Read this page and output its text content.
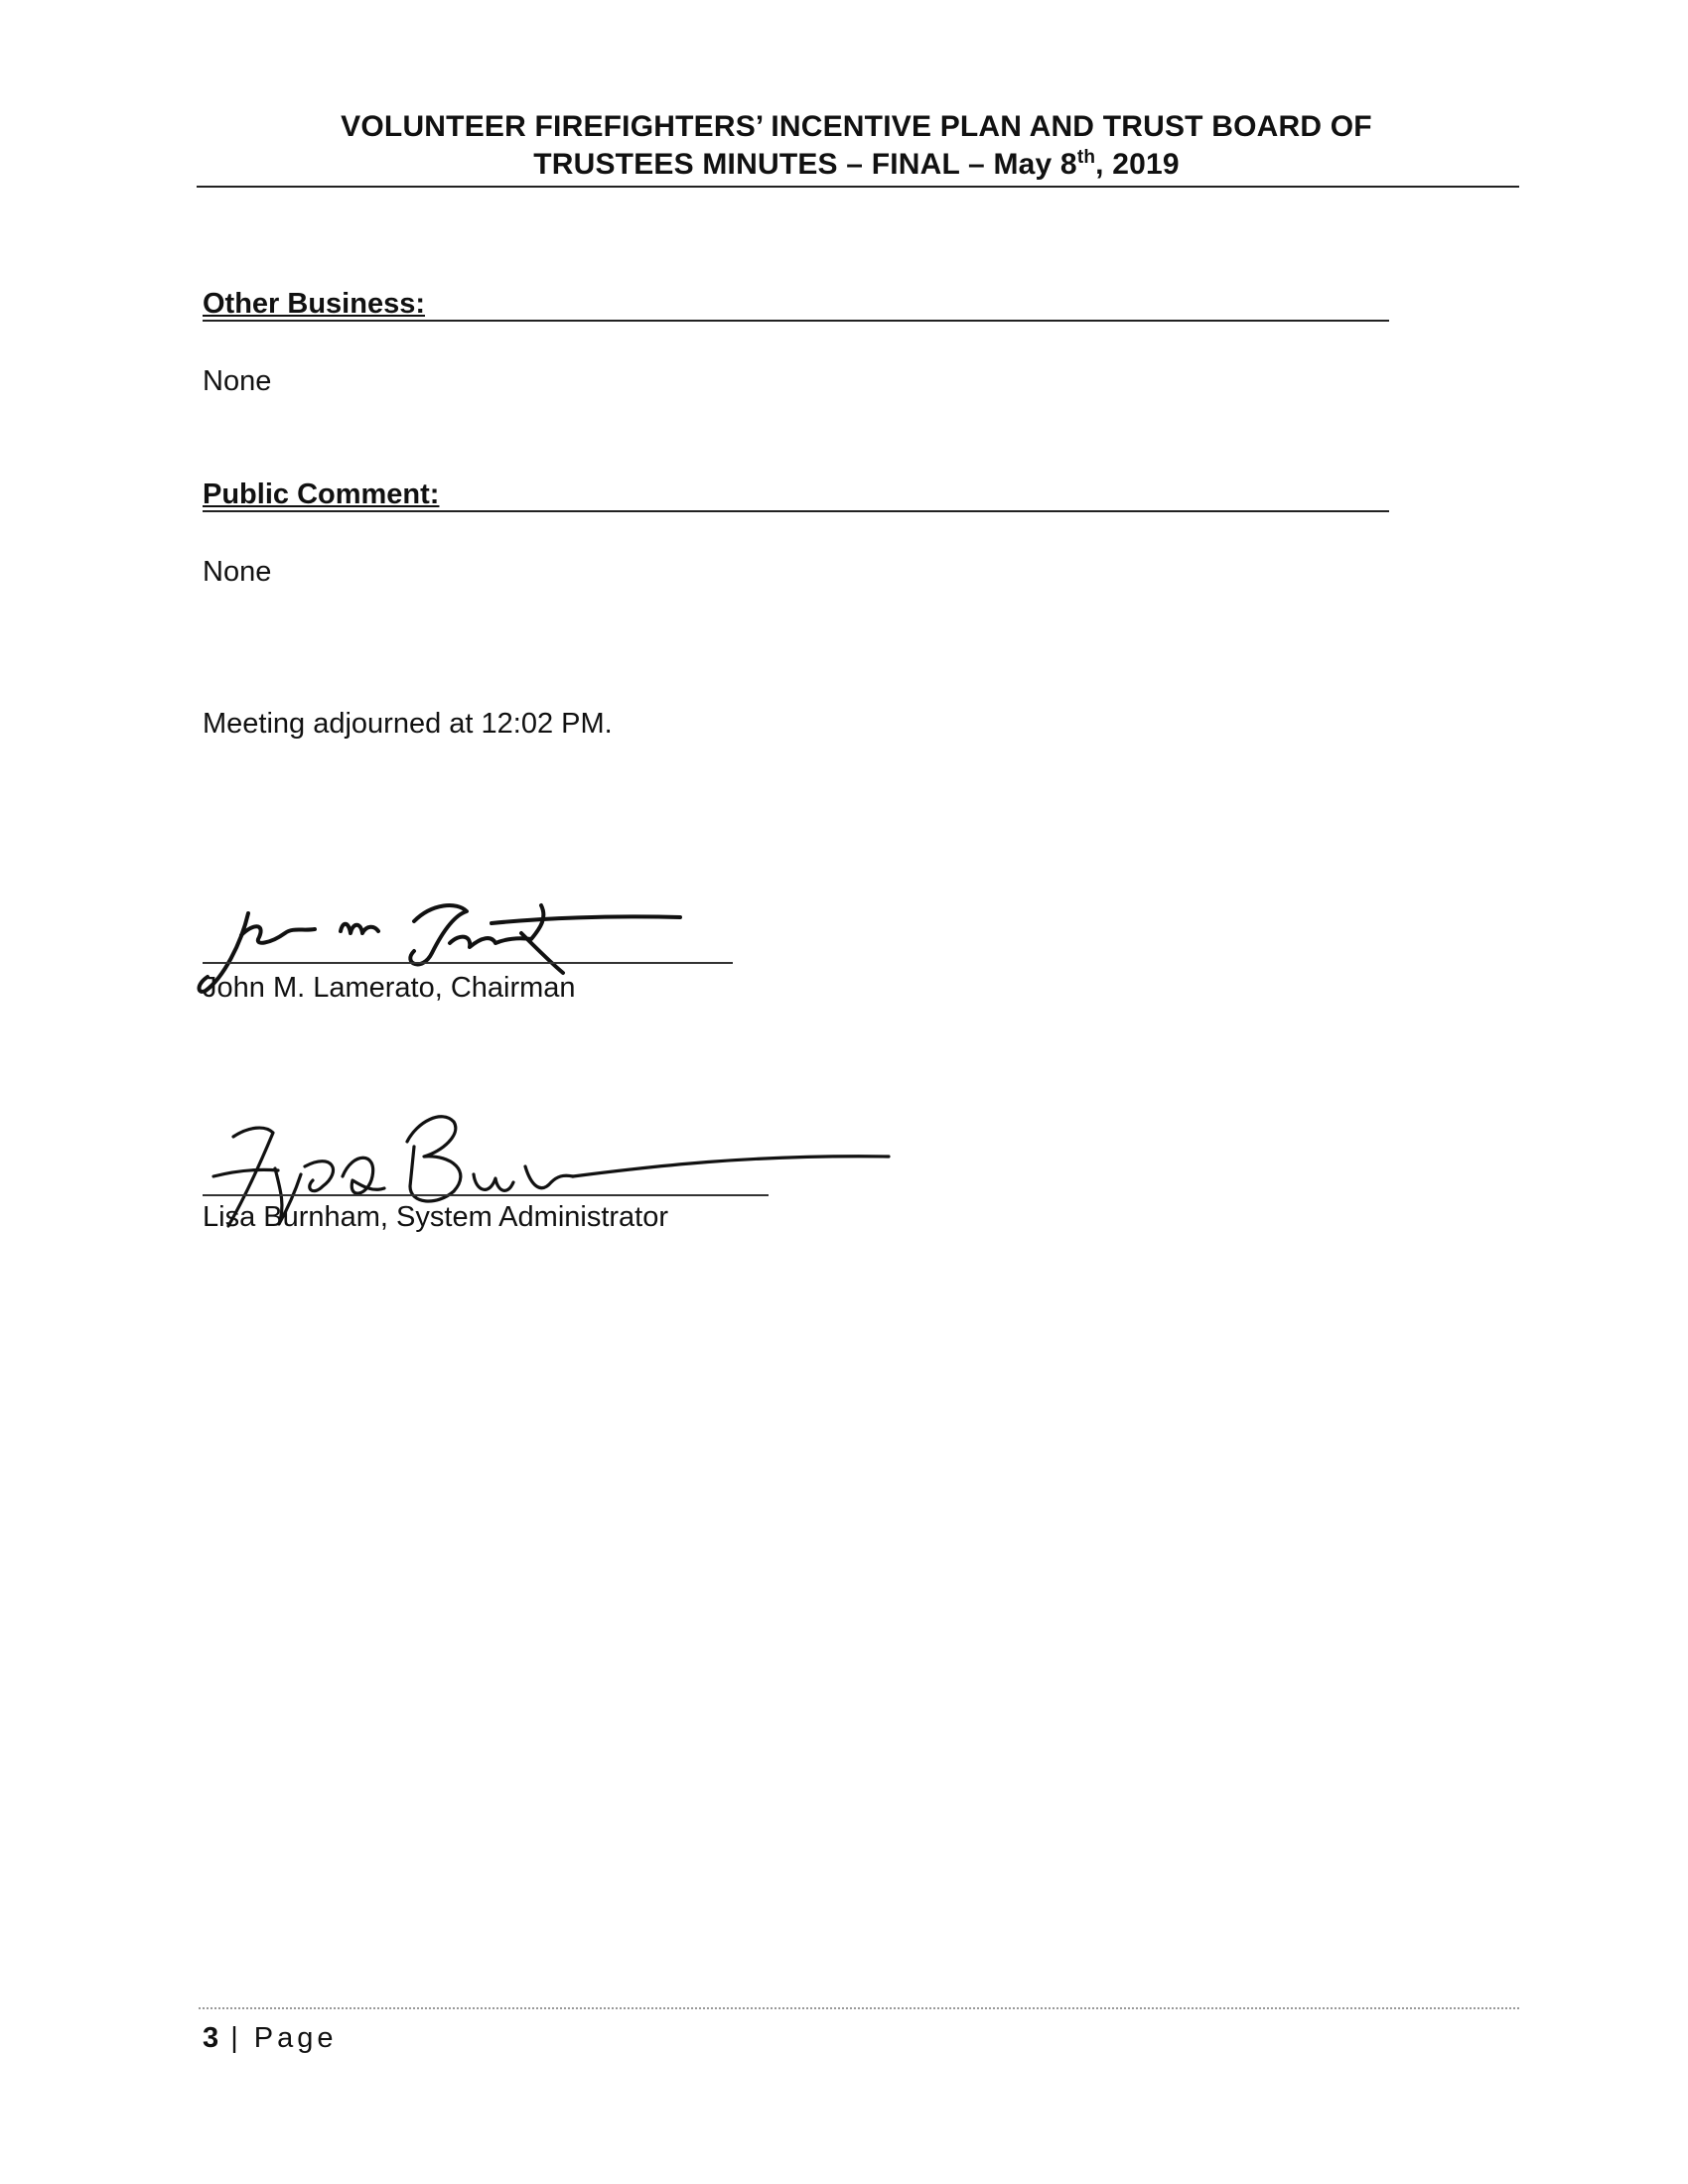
VOLUNTEER FIREFIGHTERS’ INCENTIVE PLAN AND TRUST BOARD OF
TRUSTEES MINUTES – FINAL – May 8th, 2019
Other Business:
None
Public Comment:
None
Meeting adjourned at 12:02 PM.
John M. Lamerato, Chairman
Lisa Burnham, System Administrator
3 | Page
